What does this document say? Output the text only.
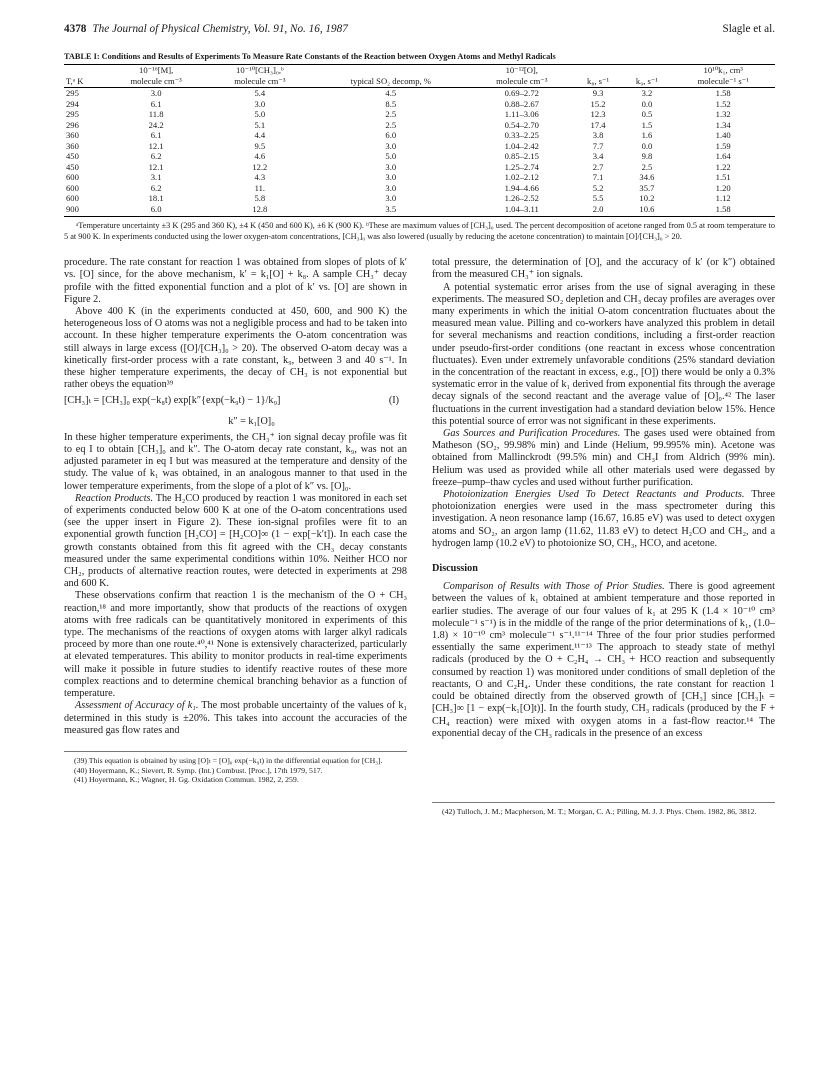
4378 The Journal of Physical Chemistry, Vol. 91, No. 16, 1987	Slagle et al.
TABLE I: Conditions and Results of Experiments To Measure Rate Constants of the Reaction between Oxygen Atoms and Methyl Radicals
	10⁻¹⁶[M],	10⁻¹⁰[CH₃]₀,ᵇ		10⁻¹²[O],			10¹⁰k₁, cm³
T,ᵃ K	molecule cm⁻³	molecule cm⁻³	typical SO₂ decomp, %	molecule cm⁻³	k₈, s⁻¹	k₉, s⁻¹	molecule⁻¹ s⁻¹
295	3.0	5.4	4.5	0.69–2.72	9.3	3.2	1.58
294	6.1	3.0	8.5	0.88–2.67	15.2	0.0	1.52
295	11.8	5.0	2.5	1.11–3.06	12.3	0.5	1.32
296	24.2	5.1	2.5	0.54–2.70	17.4	1.5	1.34
360	6.1	4.4	6.0	0.33–2.25	3.8	1.6	1.40
360	12.1	9.5	3.0	1.04–2.42	7.7	0.0	1.59
450	6.2	4.6	5.0	0.85–2.15	3.4	9.8	1.64
450	12.1	12.2	3.0	1.25–2.74	2.7	2.5	1.22
600	3.1	4.3	3.0	1.02–2.12	7.1	34.6	1.51
600	6.2	11.	3.0	1.94–4.66	5.2	35.7	1.20
600	18.1	5.8	3.0	1.26–2.52	5.5	10.2	1.12
900	6.0	12.8	3.5	1.04–3.11	2.0	10.6	1.58
ᵃTemperature uncertainty ±3 K (295 and 360 K), ±4 K (450 and 600 K), ±6 K (900 K). ᵇThese are maximum values of [CH₃]₀ used. The percent decomposition of acetone ranged from 0.5 at room temperature to 5 at 900 K. In experiments conducted using the lower oxygen-atom concentrations, [CH₃]₀ was also lowered (usually by reducing the acetone concentration) to maintain [O]/[CH₃]₀ > 20.

procedure. The rate constant for reaction 1 was obtained from slopes of plots of k′ vs. [O] since, for the above mechanism, k′ = k₁[O] + k₈. A sample CH₃⁺ decay profile with the fitted exponential function and a plot of k′ vs. [O] are shown in Figure 2.

Above 400 K (in the experiments conducted at 450, 600, and 900 K) the heterogeneous loss of O atoms was not a negligible process and had to be taken into account. In these higher temperature experiments the O-atom concentration was still always in large excess ([O]/[CH₃]₀ > 20). The observed O-atom decay was a kinetically first-order process with a rate constant, k₉, between 3 and 40 s⁻¹. In these higher temperature experiments, the decay of CH₃ is not exponential but rather obeys the equation³⁹

[CH₃]ₜ = [CH₃]₀ exp(−k₈t) exp[k″{exp(−k₉t) − 1}/k₉]	(I)
k″ = k₁[O]₀

In these higher temperature experiments, the CH₃⁺ ion signal decay profile was fit to eq I to obtain [CH₃]₀ and k″. The O-atom decay rate constant, k₉, was not an adjusted parameter in eq I but was measured at the temperature and density of the study. The value of k₁ was obtained, in an analogous manner to that used in the lower temperature experiments, from the slope of a plot of k″ vs. [O]₀.

Reaction Products. The H₂CO produced by reaction 1 was monitored in each set of experiments conducted below 600 K at one of the O-atom concentrations used (see the upper insert in Figure 2). These ion-signal profiles were fit to an exponential growth function [H₂CO] = [H₂CO]∞ (1 − exp[−k′t]). In each case the growth constants obtained from this fit agreed with the CH₃ decay constants measured under the same experimental conditions within 10%. Neither HCO nor CH₂, products of alternative reaction routes, were detected in experiments at 298 and 600 K.

These observations confirm that reaction 1 is the mechanism of the O + CH₃ reaction,¹⁸ and more importantly, show that products of the reactions of oxygen atoms with free radicals can be quantitatively monitored in experiments of this type. The mechanisms of the reactions of oxygen atoms with larger alkyl radicals proceed by more than one route.⁴⁰,⁴¹ None is extensively characterized, particularly at elevated temperatures. This ability to monitor products in real-time experiments will make it possible in future studies to identify reactive routes of these more complex reactions and to determine chemical branching behavior as a function of temperature.

Assessment of Accuracy of k₁. The most probable uncertainty of the values of k₁ determined in this study is ±20%. This takes into account the accuracies of the measured gas flow rates and

(39) This equation is obtained by using [O]ₜ = [O]₀ exp(−k₉t) in the differential equation for [CH₃].

(40) Hoyermann, K.; Sievert, R. Symp. (Int.) Combust. [Proc.], 17th 1979, 517.

(41) Hoyermann, K.; Wagner, H. Gg. Oxidation Commun. 1982, 2, 259.

total pressure, the determination of [O], and the accuracy of k′ (or k″) obtained from the measured CH₃⁺ ion signals.

A potential systematic error arises from the use of signal averaging in these experiments. The measured SO₂ depletion and CH₃ decay profiles are averages over many experiments in which the initial O-atom concentration fluctuates about the measured mean value. Pilling and co-workers have analyzed this problem in detail for several mechanisms and reaction conditions, including a first-order reaction under pseudo-first-order conditions (one reactant in excess whose concentration fluctuates). Even under extremely unfavorable conditions (25% standard deviation in the concentration of the reactant in excess, e.g., [O]) there would be only a 0.3% systematic error in the value of k₁ derived from exponential fits through the average decay signals of the second reactant and the average value of [O]₀.⁴² The laser fluctuations in the current investigation had a standard deviation below 15%. Hence this potential source of error was not significant in these experiments.

Gas Sources and Purification Procedures. The gases used were obtained from Matheson (SO₂, 99.98% min) and Linde (Helium, 99.995% min). Acetone was obtained from Mallinckrodt (99.5% min) and CH₃I from Aldrich (99% min). Helium was used as provided while all other materials used were degassed by freeze–pump–thaw cycles and used without further purification.

Photoionization Energies Used To Detect Reactants and Products. Three photoionization energies were used in the mass spectrometer during this investigation. A neon resonance lamp (16.67, 16.85 eV) was used to detect oxygen atoms and SO₂, an argon lamp (11.62, 11.83 eV) to detect H₂CO and CH₂, and a hydrogen lamp (10.2 eV) to photoionize SO, CH₃, HCO, and acetone.

Discussion

Comparison of Results with Those of Prior Studies. There is good agreement between the values of k₁ obtained at ambient temperature and those reported in earlier studies. The average of our four values of k₁ at 295 K (1.4 × 10⁻¹⁰ cm³ molecule⁻¹ s⁻¹) is in the middle of the range of the prior determinations of k₁, (1.0–1.8) × 10⁻¹⁰ cm³ molecule⁻¹ s⁻¹.¹¹⁻¹⁴ Three of the four prior studies performed essentially the same experiment.¹¹⁻¹³ The approach to steady state of methyl radicals (produced by the O + C₂H₄ → CH₃ + HCO reaction and subsequently consumed by reaction 1) was monitored under conditions of small depletion of the reactants, O and C₂H₄. Under these conditions, the rate constant for reaction 1 could be obtained directly from the observed growth of [CH₃] since [CH₃]ₜ = [CH₃]∞ [1 − exp(−k₁[O]t)]. In the fourth study, CH₃ radicals (produced by the F + CH₄ reaction) were mixed with oxygen atoms in a fast-flow reactor.¹⁴ The exponential decay of the CH₃ radicals in the presence of an excess

(42) Tulloch, J. M.; Macpherson, M. T.; Morgan, C. A.; Pilling, M. J. J. Phys. Chem. 1982, 86, 3812.
